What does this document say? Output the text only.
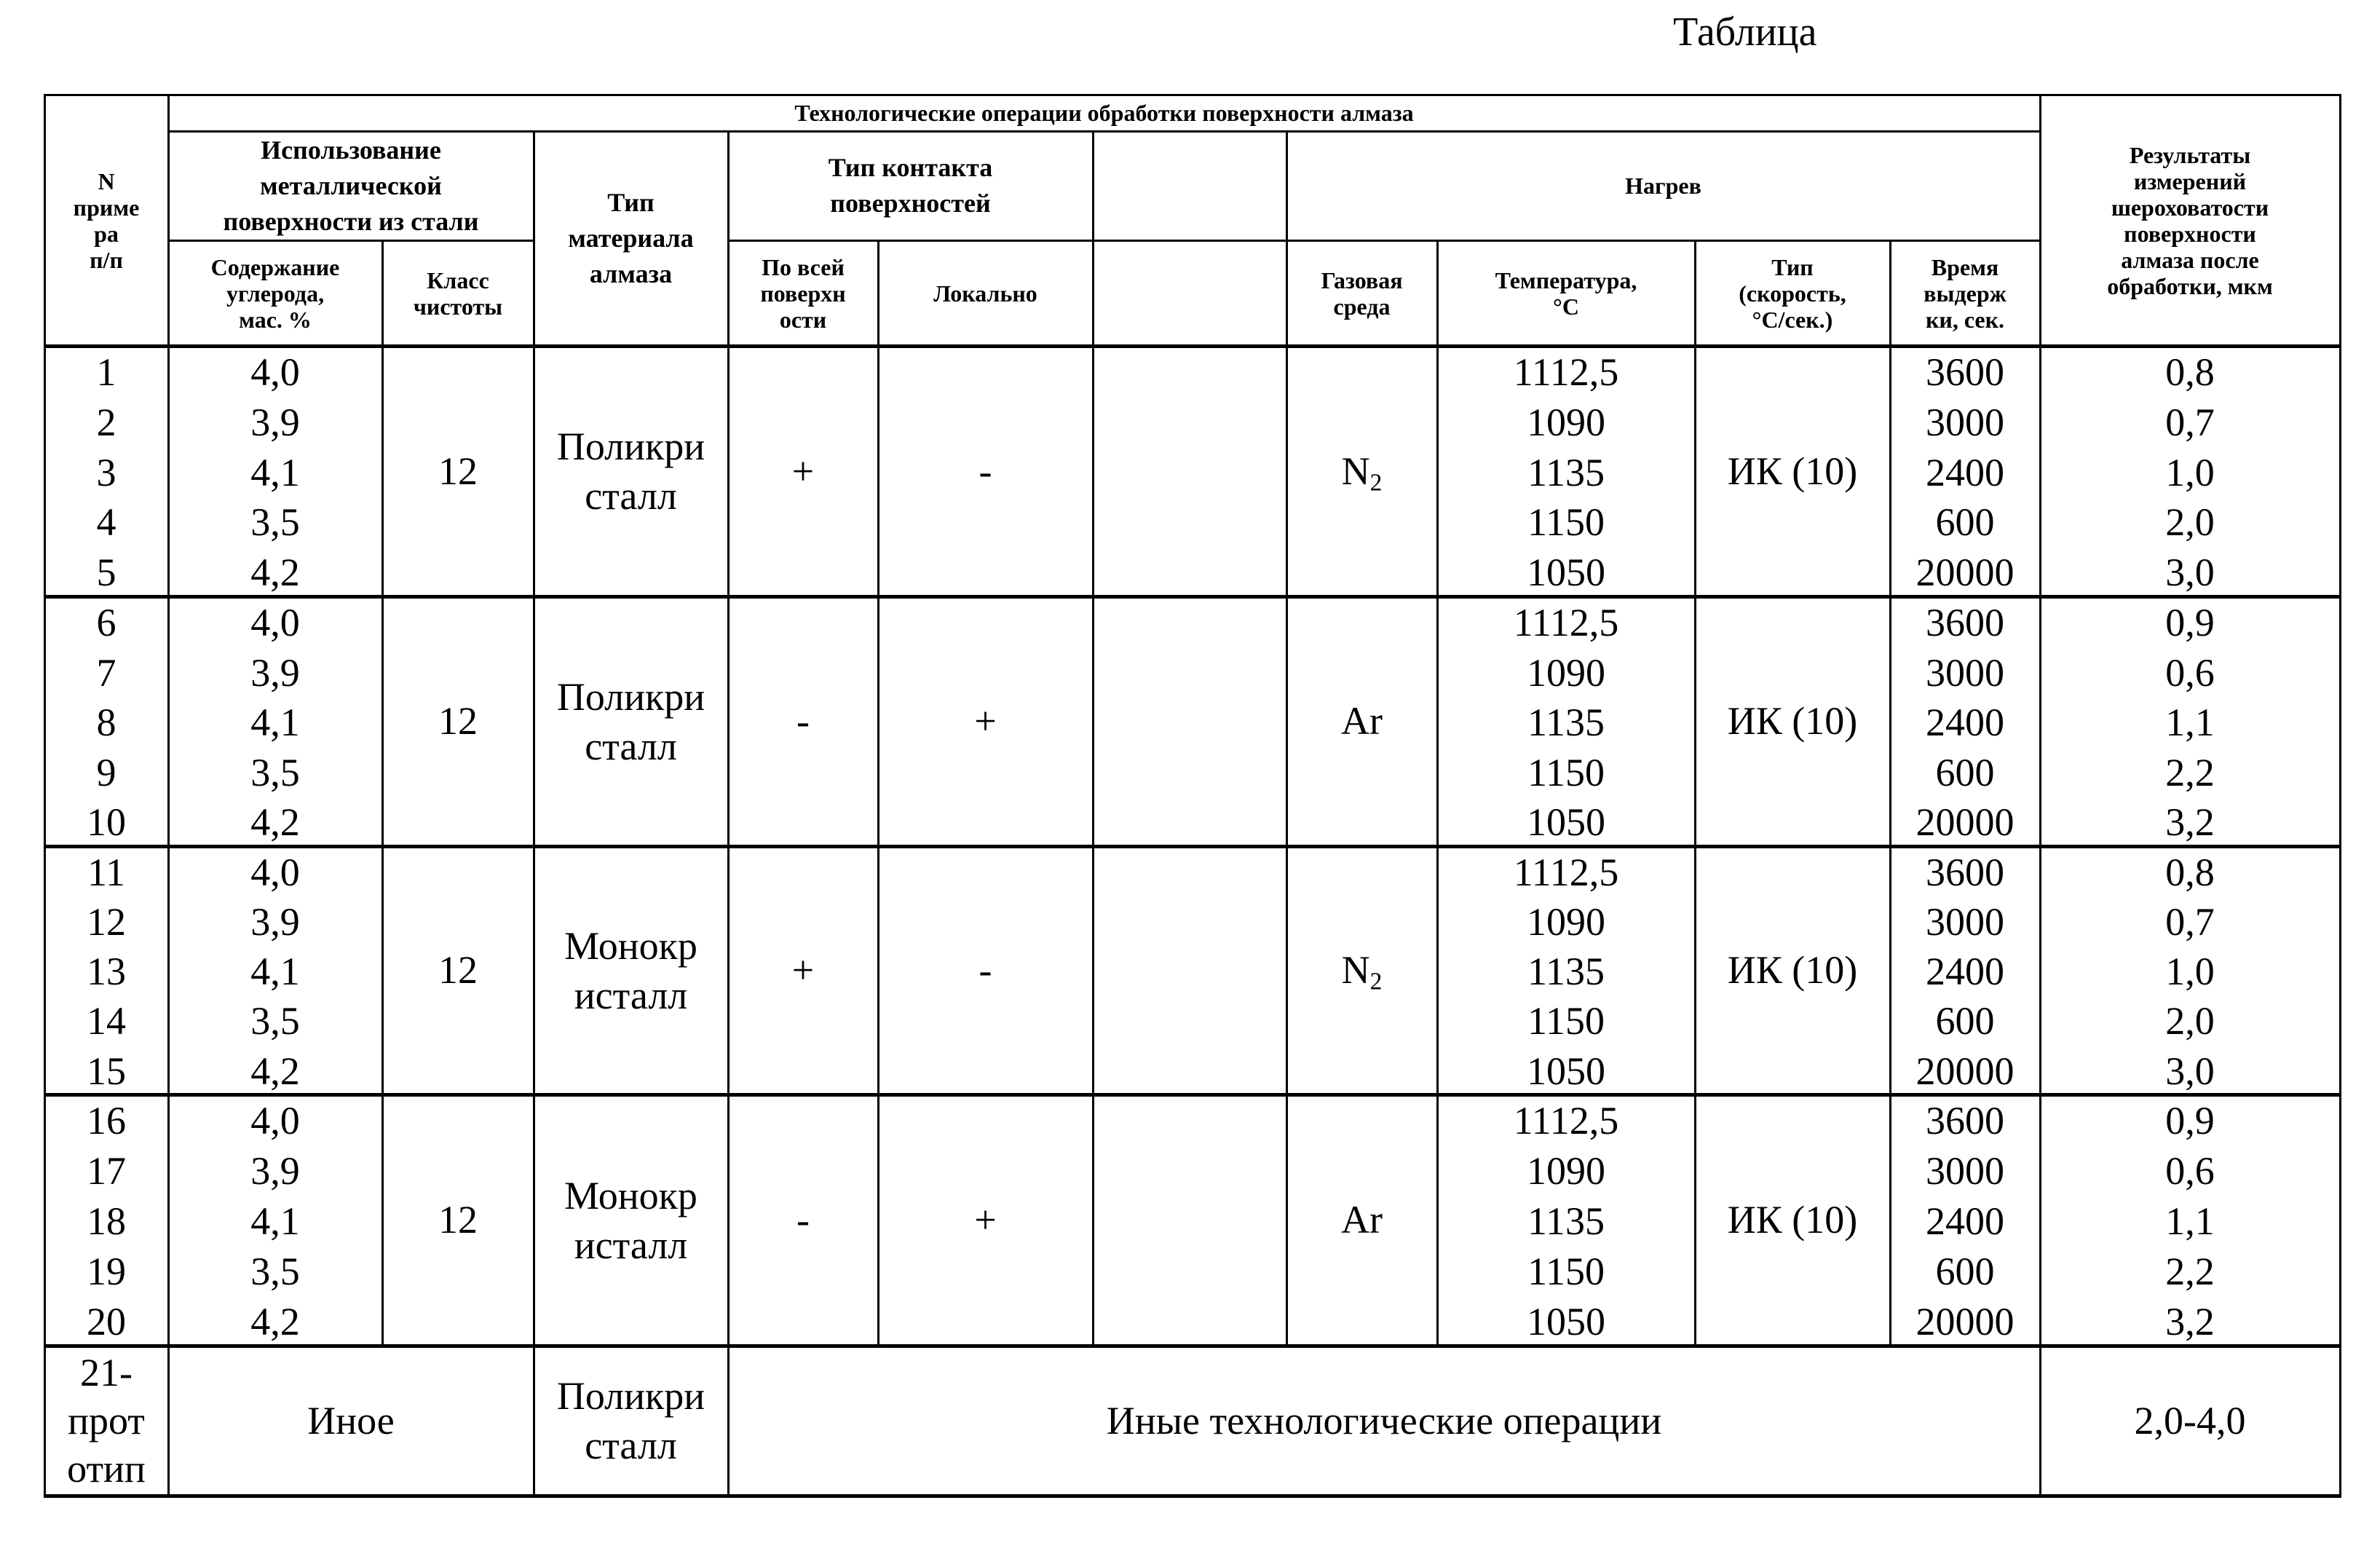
Таблица
N
приме
ра
п/п
Технологические операции обработки поверхности алмаза
Использование
металлической
поверхности из стали
Содержание
углерода,
мас. %
Класс
чистоты
Тип
материала
алмаза
Тип контакта
поверхностей
По всей
поверхн
ости
Локально
Нагрев
Газовая
среда
Температура,
°С
Тип
(скорость,
°С/сек.)
Время
выдерж
ки, сек.
Результаты
измерений
шероховатости
поверхности
алмаза после
обработки, мкм
1	4,0	1112,5	3600	0,8
2	3,9	1090	3000	0,7
3	4,1	1135	2400	1,0
4	3,5	1150	600	2,0
5	4,2	1050	20000	3,0
12
Поликри
сталл
+	-	N2	ИК (10)
6	4,0	1112,5	3600	0,9
7	3,9	1090	3000	0,6
8	4,1	1135	2400	1,1
9	3,5	1150	600	2,2
10	4,2	1050	20000	3,2
12
Поликри
сталл
-	+	Ar	ИК (10)
11	4,0	1112,5	3600	0,8
12	3,9	1090	3000	0,7
13	4,1	1135	2400	1,0
14	3,5	1150	600	2,0
15	4,2	1050	20000	3,0
12
Монокр
исталл
+	-	N2	ИК (10)
16	4,0	1112,5	3600	0,9
17	3,9	1090	3000	0,6
18	4,1	1135	2400	1,1
19	3,5	1150	600	2,2
20	4,2	1050	20000	3,2
12
Монокр
исталл
-	+	Ar	ИК (10)
21-
прот
отип
Иное
Поликри
сталл
Иные технологические операции	2,0-4,0
